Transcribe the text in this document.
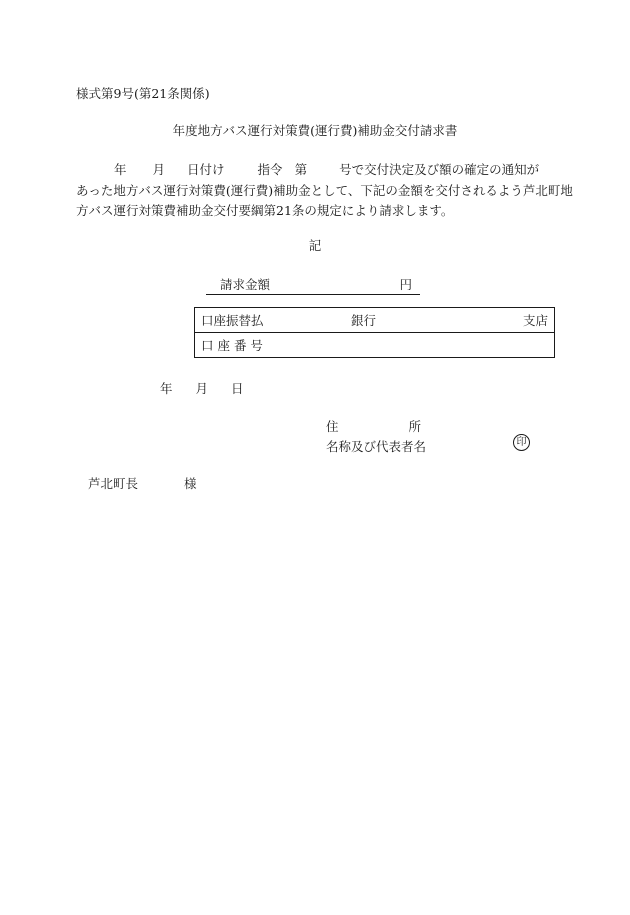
様式第9号(第21条関係)
年度地方バス運行対策費(運行費)補助金交付請求書
年 月 日付け	指令 第	号で交付決定及び額の確定の通知が
あった地方バス運行対策費(運行費)補助金として、下記の金額を交付されるよう芦北町地
方バス運行対策費補助金交付要綱第21条の規定により請求します。
記
請求金額	円
口座振替払	銀行	支店

口 座 番 号
年 月 日
住	所
名称及び代表者名	印
芦北町長	様
